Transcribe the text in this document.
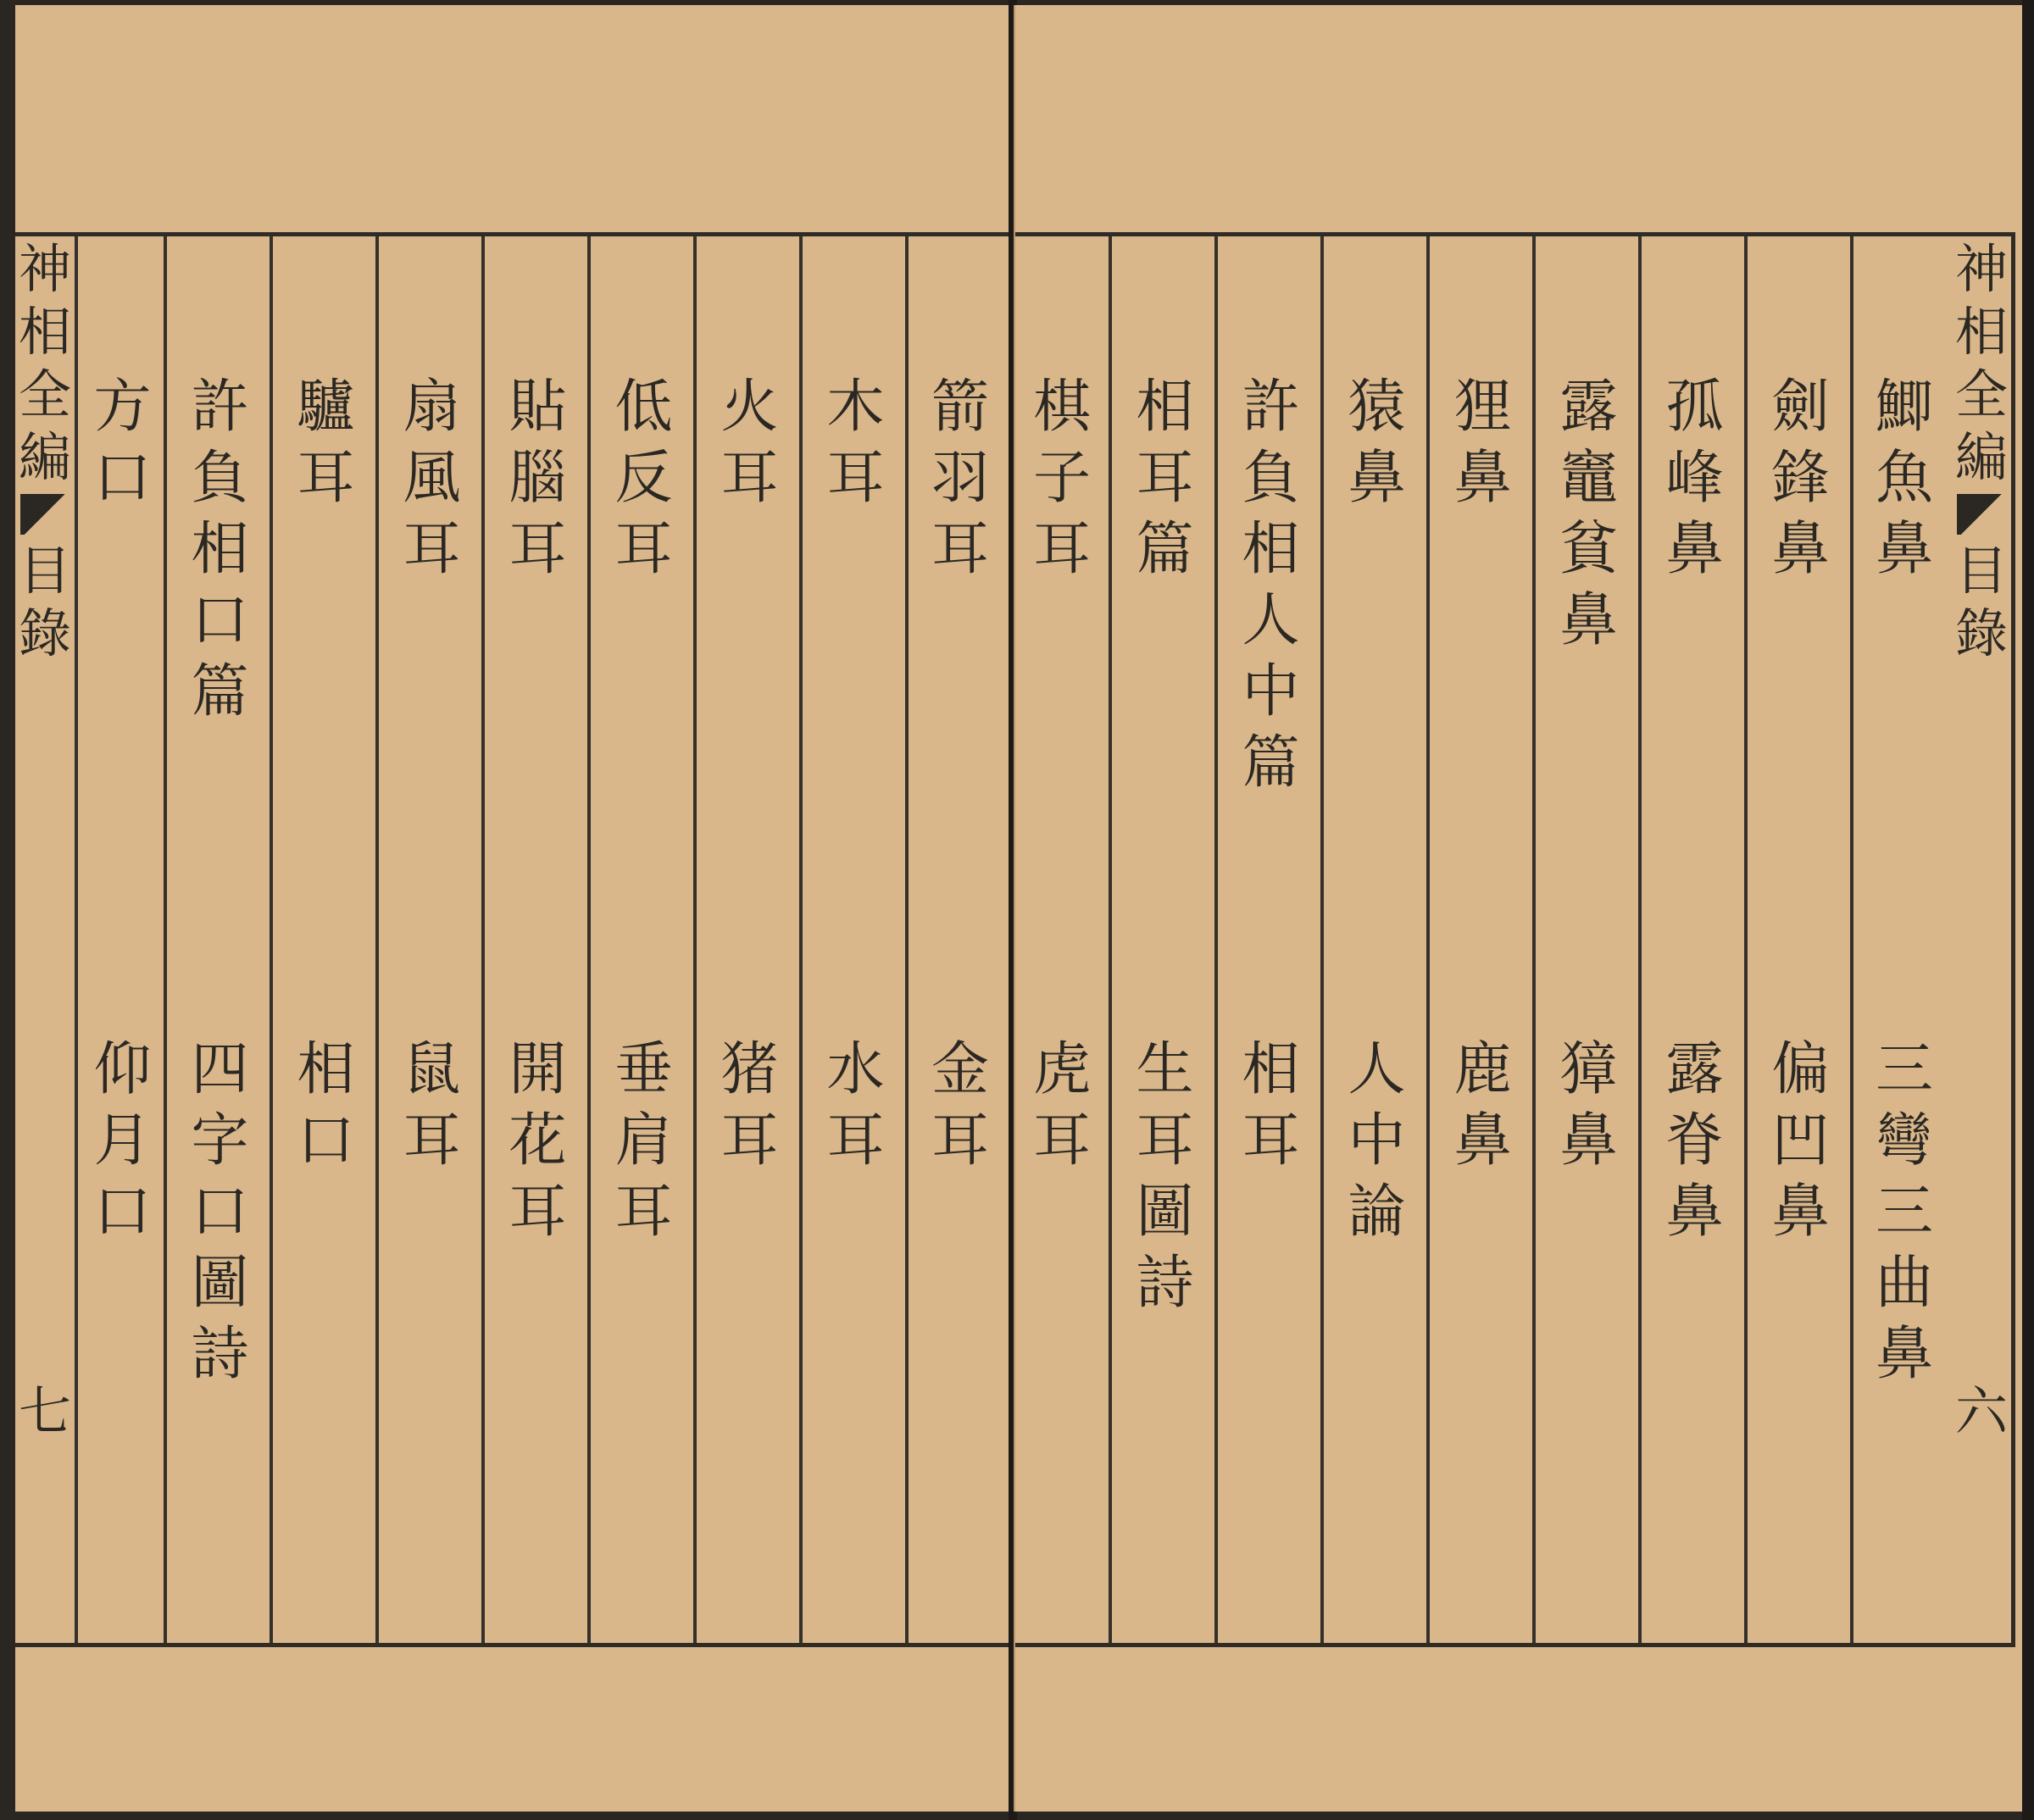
箭
羽
耳
金
耳
木
耳
水
耳
火
耳
猪
耳
低
反
耳
垂
肩
耳
貼
腦
耳
開
花
耳
扇
風
耳
鼠
耳
驢
耳
相
口
許
負
相
口
篇
四
字
口
圖
詩
方
口
仰
月
口
神
相
全
編
目
錄
七
神
相
全
編
目
錄
六
鯽
魚
鼻
三
彎
三
曲
鼻
劍
鋒
鼻
偏
凹
鼻
孤
峰
鼻
露
脊
鼻
露
竈
貧
鼻
獐
鼻
狸
鼻
鹿
鼻
猿
鼻
人
中
論
許
負
相
人
中
篇
相
耳
相
耳
篇
生
耳
圖
詩
棋
子
耳
虎
耳
